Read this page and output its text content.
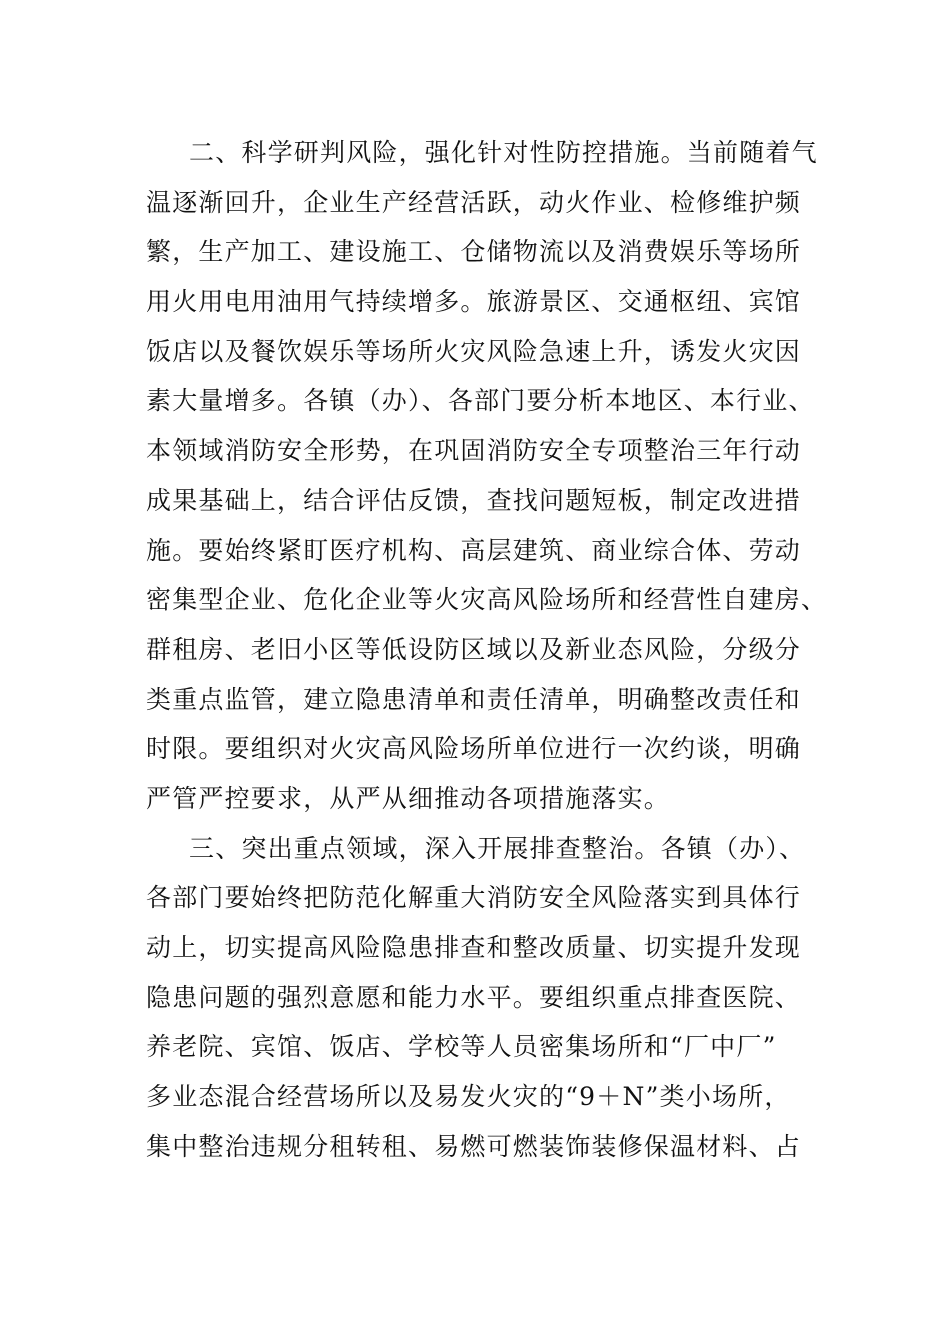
二、科学研判风险，强化针对性防控措施。当前随着气
温逐渐回升，企业生产经营活跃，动火作业、检修维护频
繁，生产加工、建设施工、仓储物流以及消费娱乐等场所
用火用电用油用气持续增多。旅游景区、交通枢纽、宾馆
饭店以及餐饮娱乐等场所火灾风险急速上升，诱发火灾因
素大量增多。各镇（办）、各部门要分析本地区、本行业、
本领域消防安全形势，在巩固消防安全专项整治三年行动
成果基础上，结合评估反馈，查找问题短板，制定改进措
施。要始终紧盯医疗机构、高层建筑、商业综合体、劳动
密集型企业、危化企业等火灾高风险场所和经营性自建房、
群租房、老旧小区等低设防区域以及新业态风险，分级分
类重点监管，建立隐患清单和责任清单，明确整改责任和
时限。要组织对火灾高风险场所单位进行一次约谈，明确
严管严控要求，从严从细推动各项措施落实。
三、突出重点领域，深入开展排查整治。各镇（办）、
各部门要始终把防范化解重大消防安全风险落实到具体行
动上，切实提高风险隐患排查和整改质量、切实提升发现
隐患问题的强烈意愿和能力水平。要组织重点排查医院、
养老院、宾馆、饭店、学校等人员密集场所和“厂中厂”
多业态混合经营场所以及易发火灾的“9＋N”类小场所，
集中整治违规分租转租、易燃可燃装饰装修保温材料、占
